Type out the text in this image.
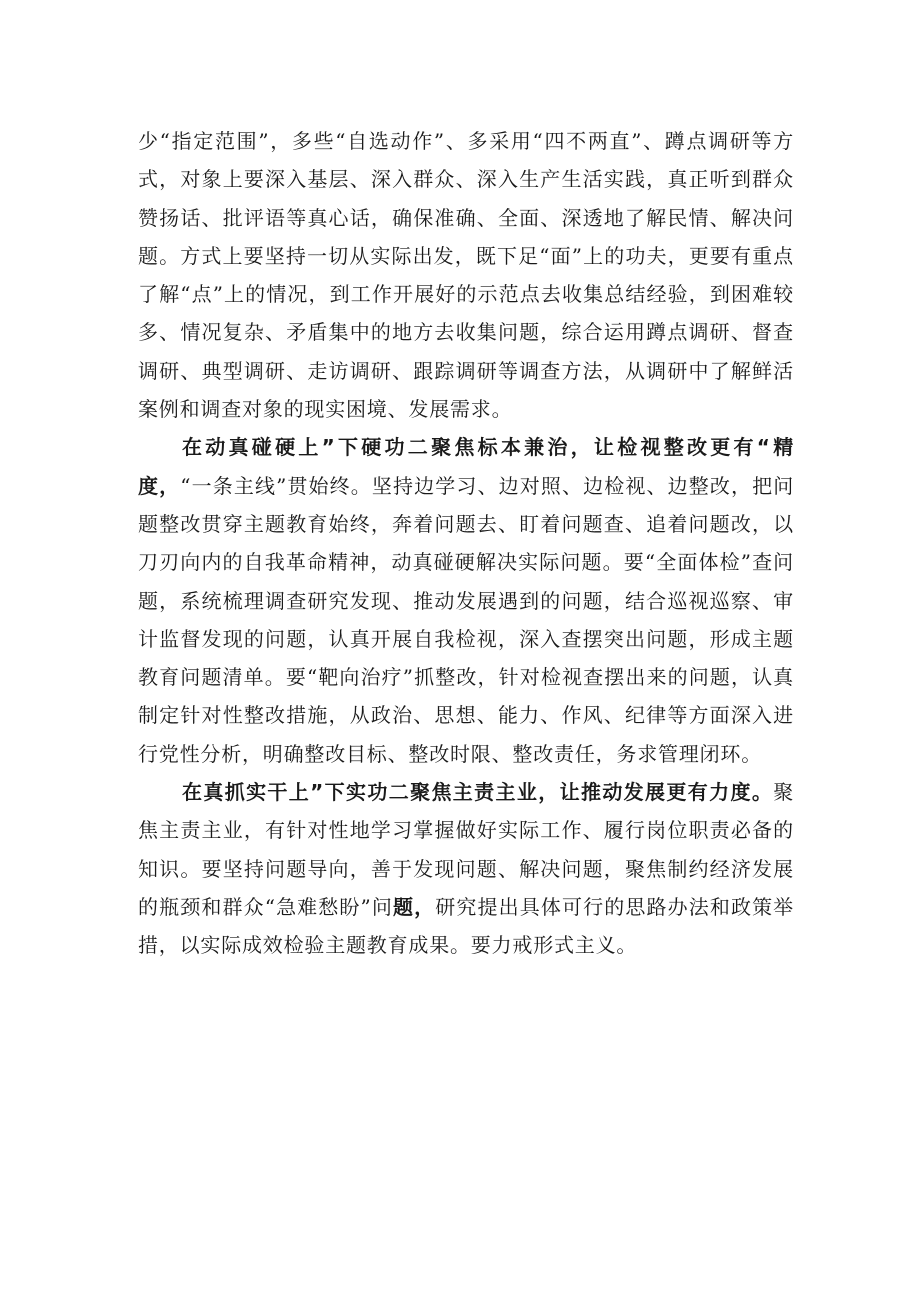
少“指定范围”，多些“自选动作”、多采用“四不两直”、蹲点调研等方式，对象上要深入基层、深入群众、深入生产生活实践，真正听到群众赞扬话、批评语等真心话，确保准确、全面、深透地了解民情、解决问题。方式上要坚持一切从实际出发，既下足“面”上的功夫，更要有重点了解“点”上的情况，到工作开展好的示范点去收集总结经验，到困难较多、情况复杂、矛盾集中的地方去收集问题，综合运用蹲点调研、督查调研、典型调研、走访调研、跟踪调研等调查方法，从调研中了解鲜活案例和调查对象的现实困境、发展需求。

在动真碰硬上”下硬功二聚焦标本兼治，让检视整改更有“精度，“一条主线”贯始终。坚持边学习、边对照、边检视、边整改，把问题整改贯穿主题教育始终，奔着问题去、盯着问题查、追着问题改，以刀刃向内的自我革命精神，动真碰硬解决实际问题。要“全面体检”查问题，系统梳理调查研究发现、推动发展遇到的问题，结合巡视巡察、审计监督发现的问题，认真开展自我检视，深入查摆突出问题，形成主题教育问题清单。要“靶向治疗”抓整改，针对检视查摆出来的问题，认真制定针对性整改措施，从政治、思想、能力、作风、纪律等方面深入进行党性分析，明确整改目标、整改时限、整改责任，务求管理闭环。

在真抓实干上”下实功二聚焦主责主业，让推动发展更有力度。聚焦主责主业，有针对性地学习掌握做好实际工作、履行岗位职责必备的知识。要坚持问题导向，善于发现问题、解决问题，聚焦制约经济发展的瓶颈和群众“急难愁盼”问题，研究提出具体可行的思路办法和政策举措，以实际成效检验主题教育成果。要力戒形式主义。
